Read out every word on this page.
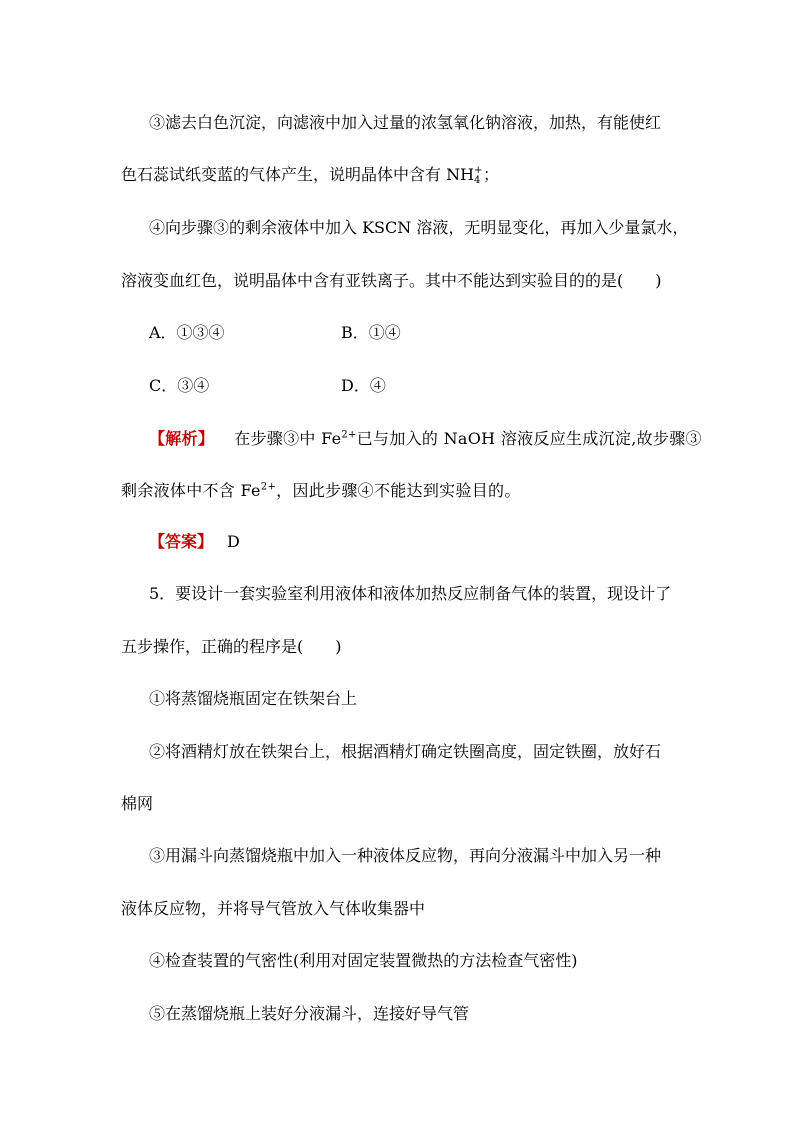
③滤去白色沉淀，向滤液中加入过量的浓氢氧化钠溶液，加热，有能使红
色石蕊试纸变蓝的气体产生，说明晶体中含有 NH +
4 ；
④向步骤③的剩余液体中加入 KSCN 溶液，无明显变化，再加入少量氯水，
溶液变血红色，说明晶体中含有亚铁离子。其中不能达到实验目的的是(　　)
A．①③④	B．①④
C．③④	D．④
【解析】 在步骤③中 $Fe^{2+}$已与加入的 NaOH 溶液反应生成沉淀,故步骤③
剩余液体中不含 $Fe^{2+}$，因此步骤④不能达到实验目的。
【答案】 D
5．要设计一套实验室利用液体和液体加热反应制备气体的装置，现设计了
五步操作，正确的程序是(　　)
①将蒸馏烧瓶固定在铁架台上
②将酒精灯放在铁架台上，根据酒精灯确定铁圈高度，固定铁圈，放好石
棉网
③用漏斗向蒸馏烧瓶中加入一种液体反应物，再向分液漏斗中加入另一种
液体反应物，并将导气管放入气体收集器中
④检查装置的气密性(利用对固定装置微热的方法检查气密性)
⑤在蒸馏烧瓶上装好分液漏斗，连接好导气管
